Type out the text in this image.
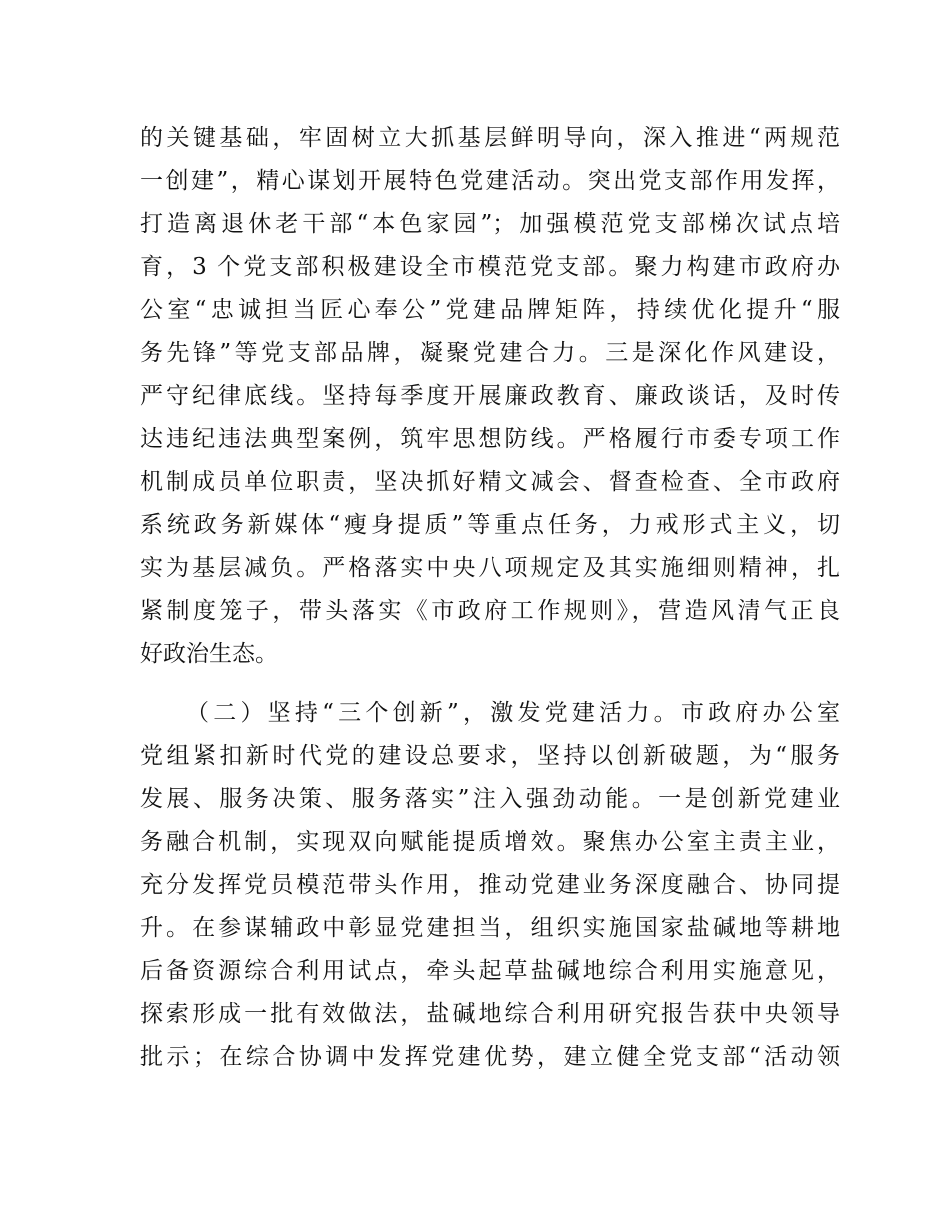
的关键基础，牢固树立大抓基层鲜明导向，深入推进“两规范
一创建”，精心谋划开展特色党建活动。突出党支部作用发挥，
打造离退休老干部“本色家园”；加强模范党支部梯次试点培
育，3 个党支部积极建设全市模范党支部。聚力构建市政府办
公室“忠诚担当匠心奉公”党建品牌矩阵，持续优化提升“服
务先锋”等党支部品牌，凝聚党建合力。三是深化作风建设，
严守纪律底线。坚持每季度开展廉政教育、廉政谈话，及时传
达违纪违法典型案例，筑牢思想防线。严格履行市委专项工作
机制成员单位职责，坚决抓好精文减会、督查检查、全市政府
系统政务新媒体“瘦身提质”等重点任务，力戒形式主义，切
实为基层减负。严格落实中央八项规定及其实施细则精神，扎
紧制度笼子，带头落实《市政府工作规则》，营造风清气正良
好政治生态。
（二）坚持“三个创新”，激发党建活力。市政府办公室
党组紧扣新时代党的建设总要求，坚持以创新破题，为“服务
发展、服务决策、服务落实”注入强劲动能。一是创新党建业
务融合机制，实现双向赋能提质增效。聚焦办公室主责主业，
充分发挥党员模范带头作用，推动党建业务深度融合、协同提
升。在参谋辅政中彰显党建担当，组织实施国家盐碱地等耕地
后备资源综合利用试点，牵头起草盐碱地综合利用实施意见，
探索形成一批有效做法，盐碱地综合利用研究报告获中央领导
批示；在综合协调中发挥党建优势，建立健全党支部“活动领
